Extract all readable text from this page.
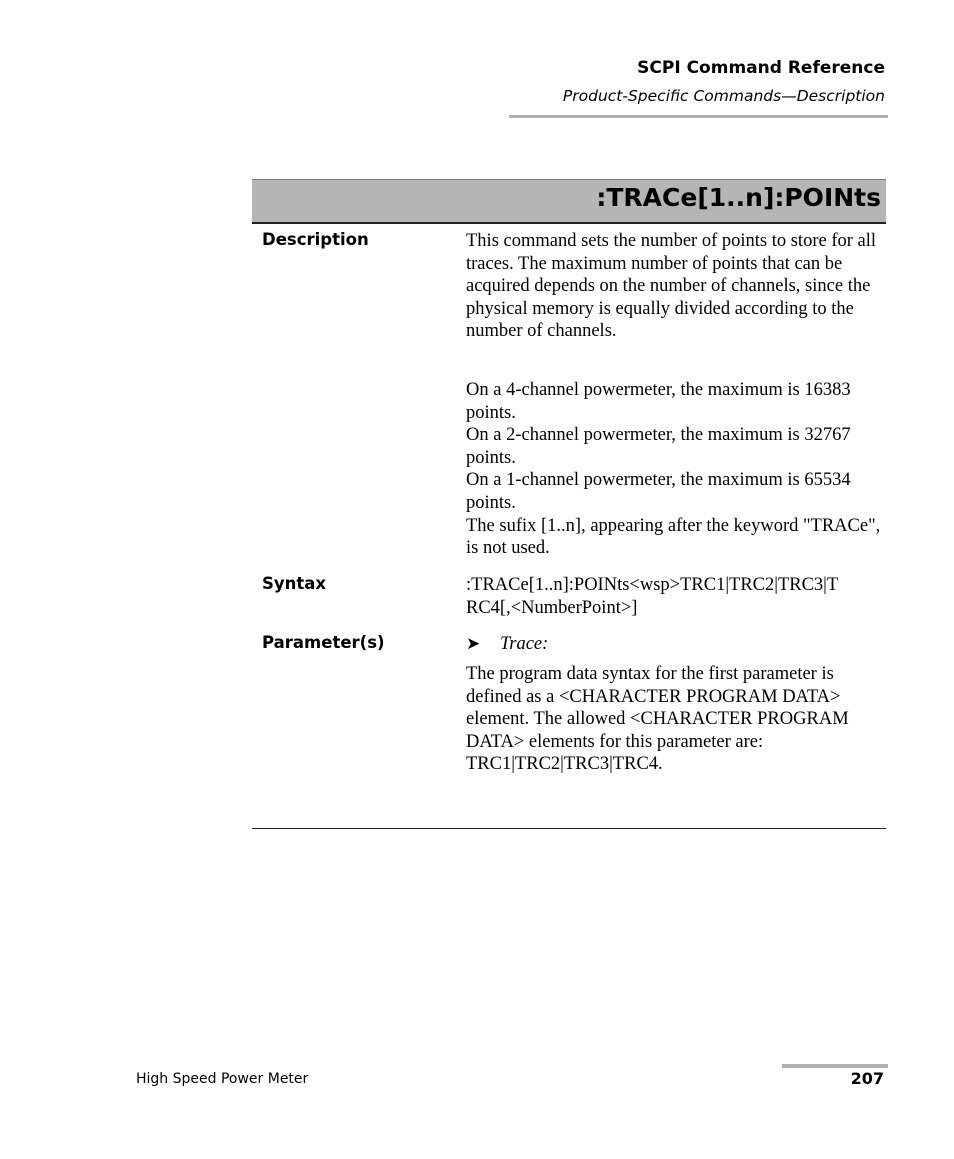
SCPI Command Reference
Product-Specific Commands—Description
:TRACe[1..n]:POINts
Description	This command sets the number of points to store for all traces. The maximum number of points that can be acquired depends on the number of channels, since the physical memory is equally divided according to the number of channels.

On a 4-channel powermeter, the maximum is 16383 points.

On a 2-channel powermeter, the maximum is 32767 points.

On a 1-channel powermeter, the maximum is 65534 points.

The sufix [1..n], appearing after the keyword "TRACe", is not used.

Syntax	:TRACe[1..n]:POINts<wsp>TRC1|TRC2|TRC3|T

RC4[,<NumberPoint>]

Parameter(s)	➤ Trace:

The program data syntax for the first parameter is defined as a <CHARACTER PROGRAM DATA> element. The allowed <CHARACTER PROGRAM DATA> elements for this parameter are: TRC1|TRC2|TRC3|TRC4.

High Speed Power Meter	207
